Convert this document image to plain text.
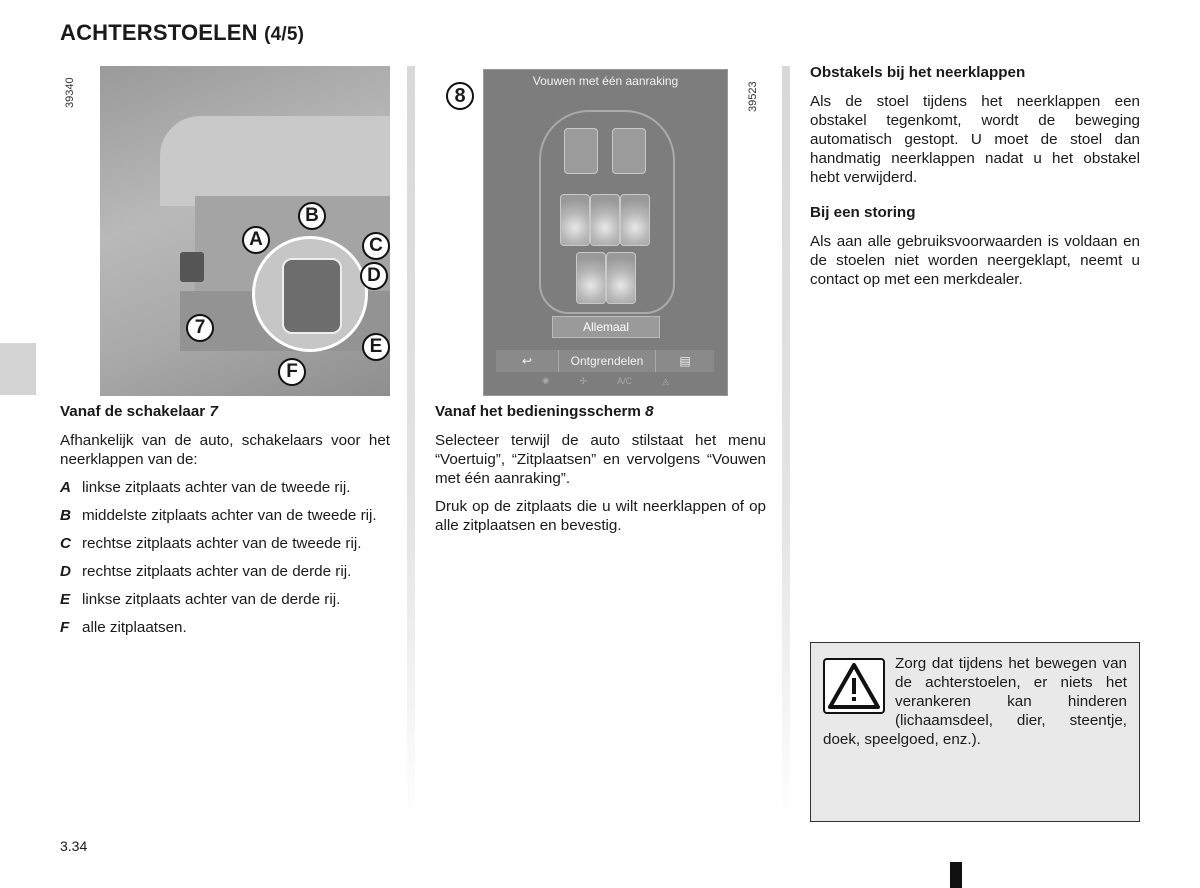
ACHTERSTOELEN (4/5)
39340
B
A	C
D
7
E
F
8	39523
Vouwen met één aanraking
Allemaal
↩	Ontgrendelen	▤
✺	✢	A/C	◬
Vanaf de schakelaar 7

Afhankelijk van de auto, schakelaars voor het neerklappen van de:

A linkse zitplaats achter van de tweede rij.
B middelste zitplaats achter van de tweede rij.
C rechtse zitplaats achter van de tweede rij.
D rechtse zitplaats achter van de derde rij.
E linkse zitplaats achter van de derde rij.
F alle zitplaatsen.
Vanaf het bedieningsscherm 8

Selecteer terwijl de auto stilstaat het menu “Voertuig”, “Zitplaatsen” en vervolgens “Vouwen met één aanraking”.

Druk op de zitplaats die u wilt neerklappen of op alle zitplaatsen en bevestig.

Obstakels bij het neerklappen

Als de stoel tijdens het neerklappen een obstakel tegenkomt, wordt de beweging automatisch gestopt. U moet de stoel dan handmatig neerklappen nadat u het obstakel hebt verwijderd.

Bij een storing

Als aan alle gebruiksvoorwaarden is voldaan en de stoelen niet worden neergeklapt, neemt u contact op met een merkdealer.

Zorg dat tijdens het bewegen van de achterstoelen, er niets het verankeren kan hinderen (lichaamsdeel, dier, steentje, doek, speelgoed, enz.).
3.34
